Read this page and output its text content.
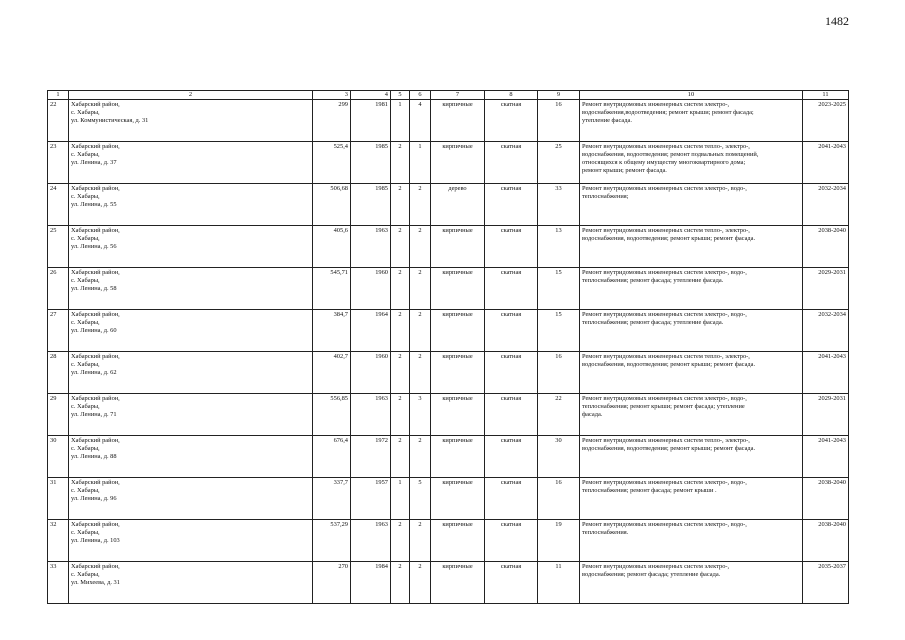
1482
1	2	3	4	5	6	7	8	9	10	11
22	Хабарский район,
с. Хабары,
ул. Коммунистическая, д. 31	299	1981	1	4	кирпичные	скатная	16	Ремонт внутридомовых инженерных систем электро-,
водоснабжения,водоотведения; ремонт крыши; ремонт фасада;
утепление фасада.	2023-2025
23	Хабарский район,
с. Хабары,
ул. Ленина, д. 37	525,4	1985	2	1	кирпичные	скатная	25	Ремонт внутридомовых инженерных систем тепло-, электро-,
водоснабжения, водоотведения; ремонт подвальных помещений,
относящихся к общему имуществу многоквартирного дома;
ремонт крыши; ремонт фасада.	2041-2043
24	Хабарский район,
с. Хабары,
ул. Ленина, д. 55	506,68	1985	2	2	дерево	скатная	33	Ремонт внутридомовых инженерных систем электро-, водо-,
теплоснабжения;	2032-2034
25	Хабарский район,
с. Хабары,
ул. Ленина, д. 56	405,6	1963	2	2	кирпичные	скатная	13	Ремонт внутридомовых инженерных систем тепло-, электро-,
водоснабжения, водоотведения; ремонт крыши; ремонт фасада.	2038-2040
26	Хабарский район,
с. Хабары,
ул. Ленина, д. 58	545,71	1960	2	2	кирпичные	скатная	15	Ремонт внутридомовых инженерных систем электро-, водо-,
теплоснабжения; ремонт фасада; утепление фасада.	2029-2031
27	Хабарский район,
с. Хабары,
ул. Ленина, д. 60	384,7	1964	2	2	кирпичные	скатная	15	Ремонт внутридомовых инженерных систем электро-, водо-,
теплоснабжения; ремонт фасада; утепление фасада.	2032-2034
28	Хабарский район,
с. Хабары,
ул. Ленина, д. 62	402,7	1960	2	2	кирпичные	скатная	16	Ремонт внутридомовых инженерных систем тепло-, электро-,
водоснабжения, водоотведения; ремонт крыши; ремонт фасада.	2041-2043
29	Хабарский район,
с. Хабары,
ул. Ленина, д. 71	556,85	1963	2	3	кирпичные	скатная	22	Ремонт внутридомовых инженерных систем электро-, водо-,
теплоснабжения; ремонт крыши; ремонт фасада; утепление
фасада.	2029-2031
30	Хабарский район,
с. Хабары,
ул. Ленина, д. 88	676,4	1972	2	2	кирпичные	скатная	30	Ремонт внутридомовых инженерных систем тепло-, электро-,
водоснабжения, водоотведения; ремонт крыши; ремонт фасада.	2041-2043
31	Хабарский район,
с. Хабары,
ул. Ленина, д. 96	337,7	1957	1	5	кирпичные	скатная	16	Ремонт внутридомовых инженерных систем электро-, водо-,
теплоснабжения; ремонт фасада; ремонт крыши .	2038-2040
32	Хабарский район,
с. Хабары,
ул. Ленина, д. 103	537,29	1963	2	2	кирпичные	скатная	19	Ремонт внутридомовых инженерных систем электро-, водо-,
теплоснабжения.	2038-2040
33	Хабарский район,
с. Хабары,
ул. Михеева, д. 31	270	1984	2	2	кирпичные	скатная	11	Ремонт внутридомовых инженерных систем электро-,
водоснабжения; ремонт фасада; утепление фасада.	2035-2037
